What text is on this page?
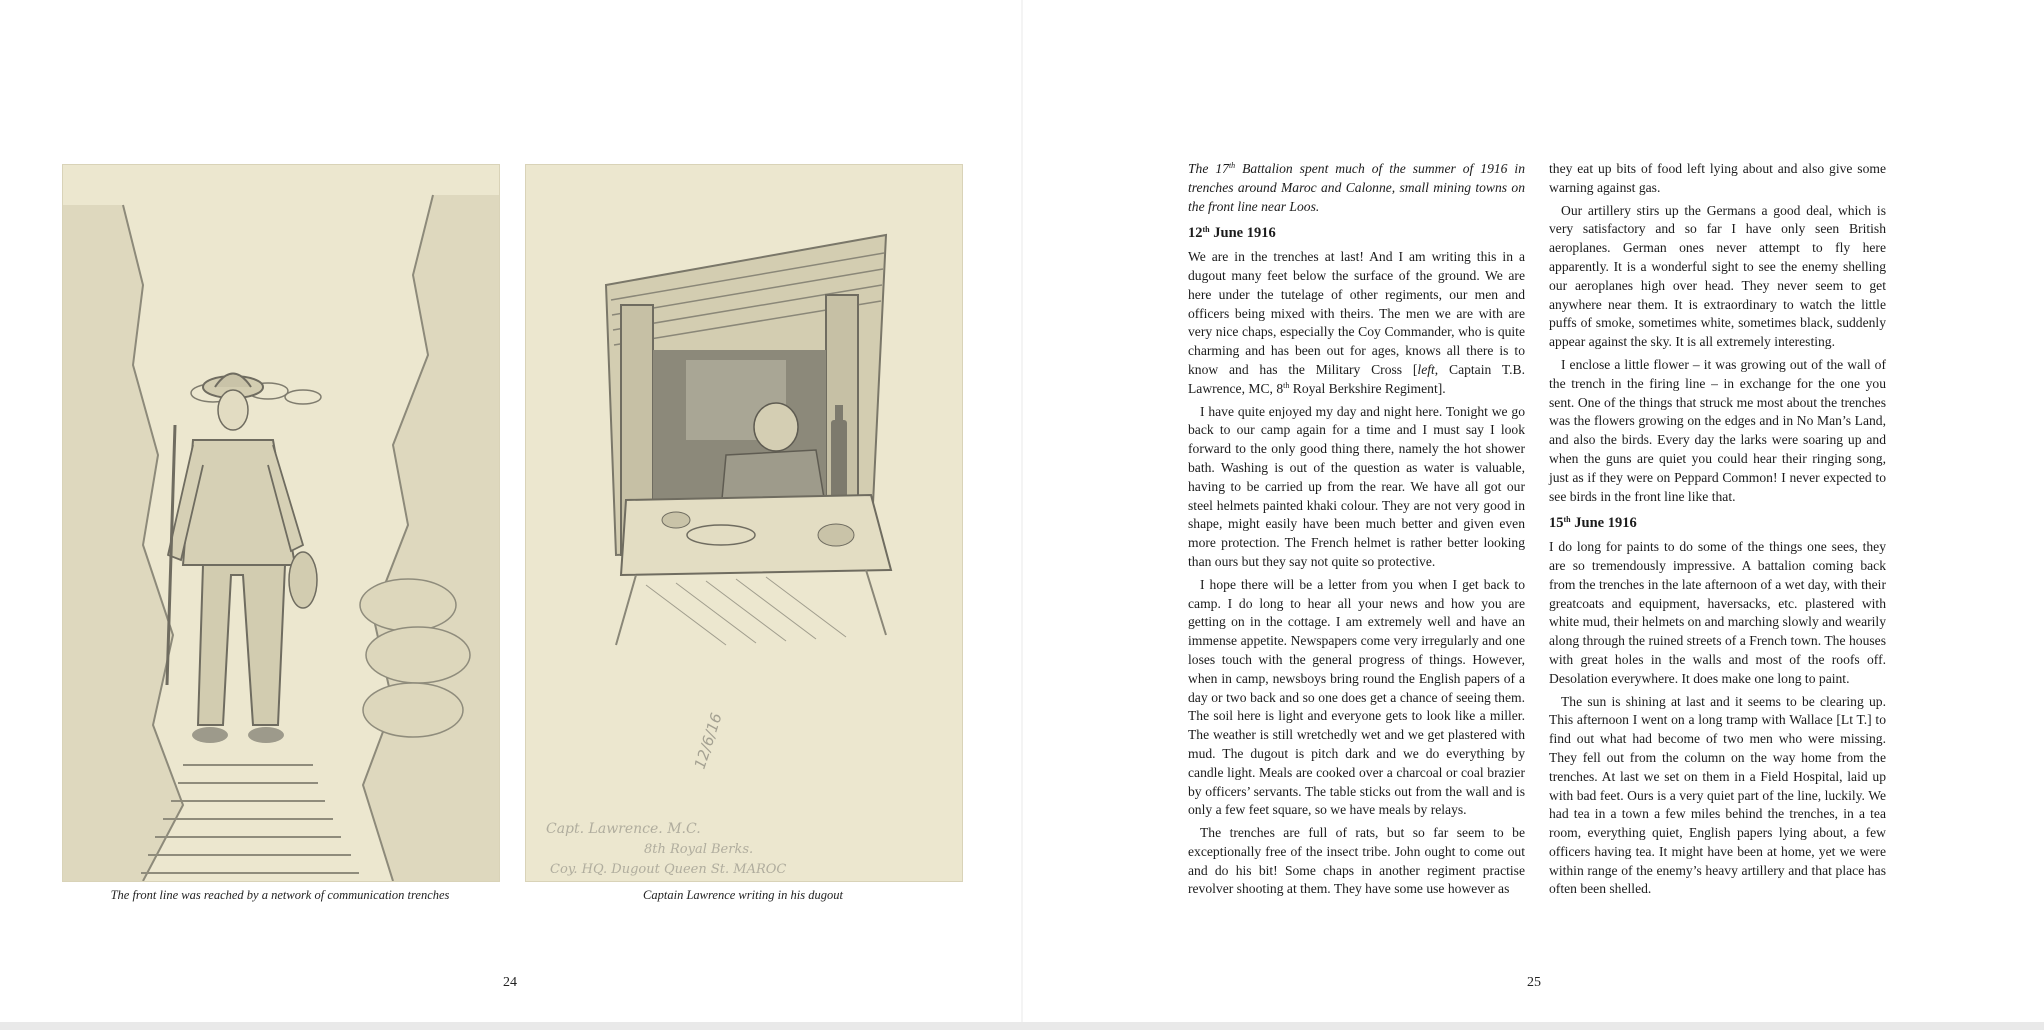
12/6/16
Capt. Lawrence. M.C.
8th Royal Berks.
Coy. HQ. Dugout Queen St. MAROC
The front line was reached by a network of communication trenches	Captain Lawrence writing in his dugout
24

The 17th Battalion spent much of the summer of 1916 in trenches around Maroc and Calonne, small mining towns on the front line near Loos.

12th June 1916

We are in the trenches at last! And I am writing this in a dugout many feet below the surface of the ground. We are here under the tutelage of other regiments, our men and officers being mixed with theirs. The men we are with are very nice chaps, especially the Coy Commander, who is quite charming and has been out for ages, knows all there is to know and has the Military Cross [left, Captain T.B. Lawrence, MC, 8th Royal Berkshire Regiment].

I have quite enjoyed my day and night here. Tonight we go back to our camp again for a time and I must say I look forward to the only good thing there, namely the hot shower bath. Washing is out of the question as water is valuable, having to be carried up from the rear. We have all got our steel helmets painted khaki colour. They are not very good in shape, might easily have been much better and given even more protection. The French helmet is rather better looking than ours but they say not quite so protective.

I hope there will be a letter from you when I get back to camp. I do long to hear all your news and how you are getting on in the cottage. I am extremely well and have an immense appetite. Newspapers come very irregularly and one loses touch with the general progress of things. However, when in camp, newsboys bring round the English papers of a day or two back and so one does get a chance of seeing them. The soil here is light and everyone gets to look like a miller. The weather is still wretchedly wet and we get plastered with mud. The dugout is pitch dark and we do everything by candle light. Meals are cooked over a charcoal or coal brazier by officers’ servants. The table sticks out from the wall and is only a few feet square, so we have meals by relays.

The trenches are full of rats, but so far seem to be exceptionally free of the insect tribe. John ought to come out and do his bit! Some chaps in another regiment practise revolver shooting at them. They have some use however as

they eat up bits of food left lying about and also give some warning against gas.

Our artillery stirs up the Germans a good deal, which is very satisfactory and so far I have only seen British aeroplanes. German ones never attempt to fly here apparently. It is a wonderful sight to see the enemy shelling our aeroplanes high over head. They never seem to get anywhere near them. It is extraordinary to watch the little puffs of smoke, sometimes white, sometimes black, suddenly appear against the sky. It is all extremely interesting.

I enclose a little flower – it was growing out of the wall of the trench in the firing line – in exchange for the one you sent. One of the things that struck me most about the trenches was the flowers growing on the edges and in No Man’s Land, and also the birds. Every day the larks were soaring up and when the guns are quiet you could hear their ringing song, just as if they were on Peppard Common! I never expected to see birds in the front line like that.

15th June 1916

I do long for paints to do some of the things one sees, they are so tremendously impressive. A battalion coming back from the trenches in the late afternoon of a wet day, with their greatcoats and equipment, haversacks, etc. plastered with white mud, their helmets on and marching slowly and wearily along through the ruined streets of a French town. The houses with great holes in the walls and most of the roofs off. Desolation everywhere. It does make one long to paint.

The sun is shining at last and it seems to be clearing up. This afternoon I went on a long tramp with Wallace [Lt T.] to find out what had become of two men who were missing. They fell out from the column on the way home from the trenches. At last we set on them in a Field Hospital, laid up with bad feet. Ours is a very quiet part of the line, luckily. We had tea in a town a few miles behind the trenches, in a tea room, everything quiet, English papers lying about, a few officers having tea. It might have been at home, yet we were within range of the enemy’s heavy artillery and that place has often been shelled.

25
